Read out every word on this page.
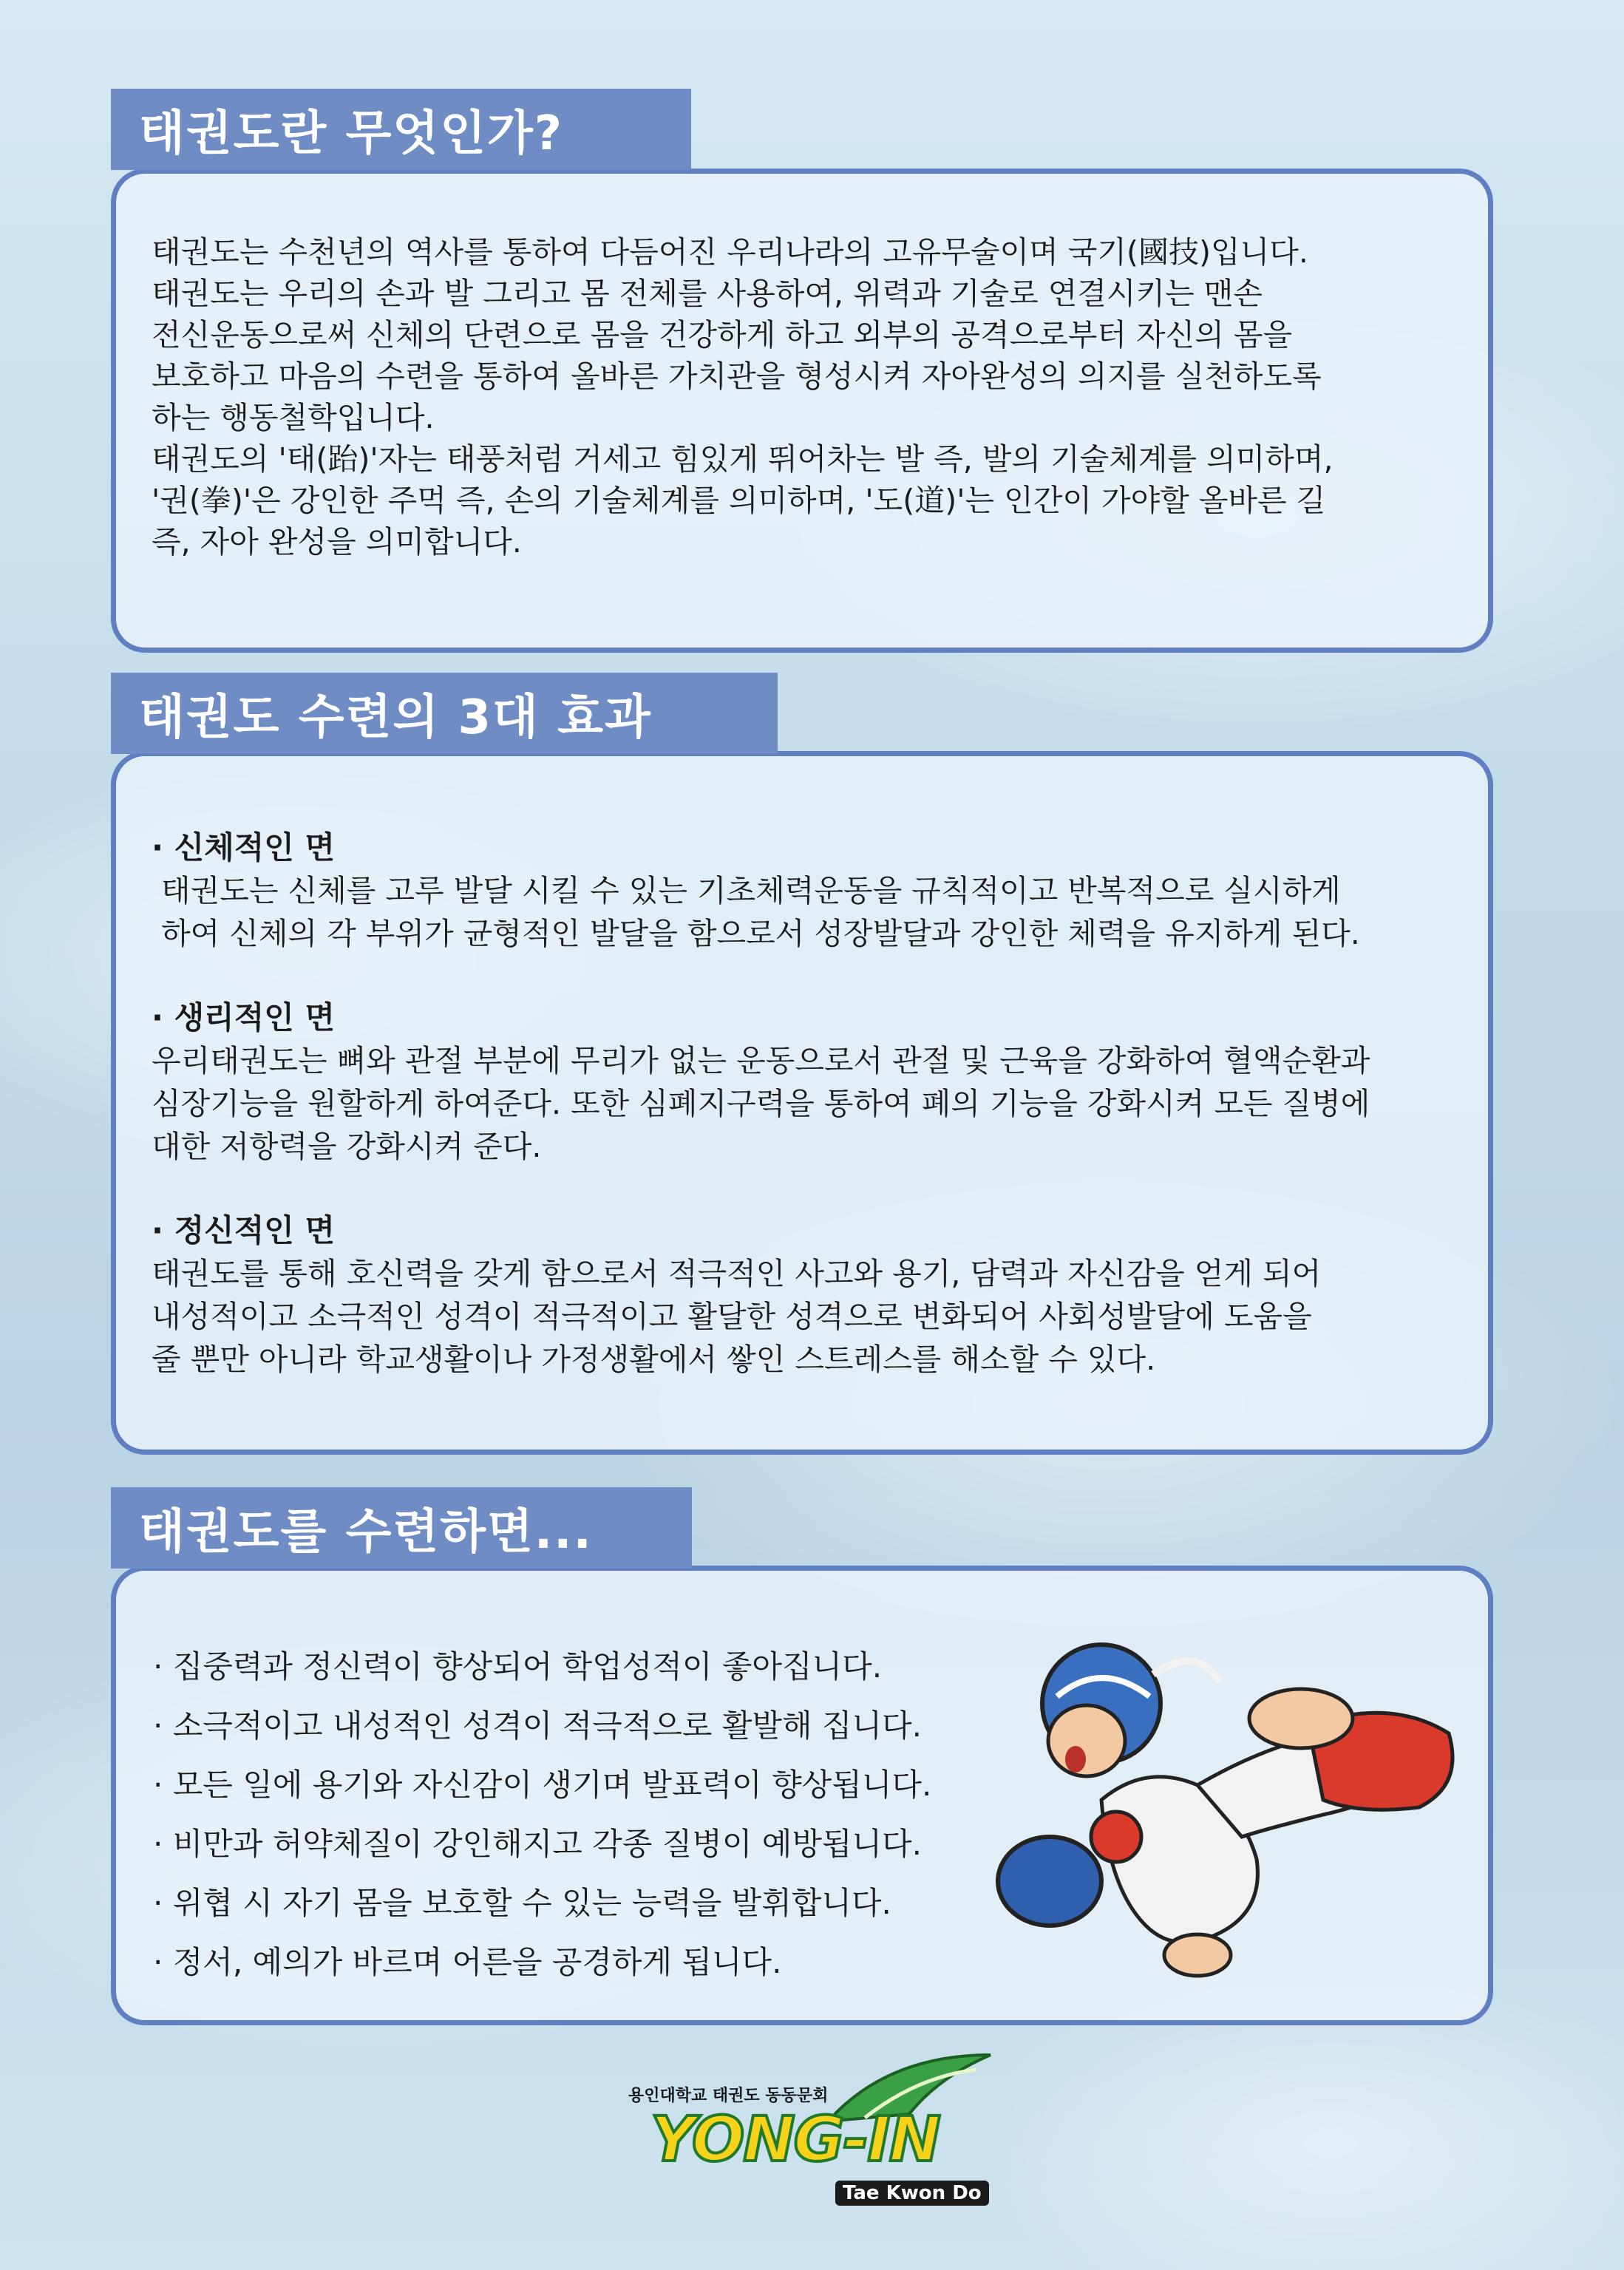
태권도란 무엇인가?

태권도는 수천년의 역사를 통하여 다듬어진 우리나라의 고유무술이며 국기(國技)입니다.

태권도는 우리의 손과 발 그리고 몸 전체를 사용하여, 위력과 기술로 연결시키는 맨손

전신운동으로써 신체의 단련으로 몸을 건강하게 하고 외부의 공격으로부터 자신의 몸을

보호하고 마음의 수련을 통하여 올바른 가치관을 형성시켜 자아완성의 의지를 실천하도록

하는 행동철학입니다.

태권도의 '태(跆)'자는 태풍처럼 거세고 힘있게 뛰어차는 발 즉, 발의 기술체계를 의미하며,

'권(拳)'은 강인한 주먹 즉, 손의 기술체계를 의미하며, '도(道)'는 인간이 가야할 올바른 길

즉, 자아 완성을 의미합니다.

태권도 수련의 3대 효과

· 신체적인 면

태권도는 신체를 고루 발달 시킬 수 있는 기초체력운동을 규칙적이고 반복적으로 실시하게

하여 신체의 각 부위가 균형적인 발달을 함으로서 성장발달과 강인한 체력을 유지하게 된다.

· 생리적인 면

우리태권도는 뼈와 관절 부분에 무리가 없는 운동으로서 관절 및 근육을 강화하여 혈액순환과

심장기능을 원할하게 하여준다. 또한 심폐지구력을 통하여 폐의 기능을 강화시켜 모든 질병에

대한 저항력을 강화시켜 준다.

· 정신적인 면

태권도를 통해 호신력을 갖게 함으로서 적극적인 사고와 용기, 담력과 자신감을 얻게 되어

내성적이고 소극적인 성격이 적극적이고 활달한 성격으로 변화되어 사회성발달에 도움을

줄 뿐만 아니라 학교생활이나 가정생활에서 쌓인 스트레스를 해소할 수 있다.

태권도를 수련하면...

· 집중력과 정신력이 향상되어 학업성적이 좋아집니다.

· 소극적이고 내성적인 성격이 적극적으로 활발해 집니다.

· 모든 일에 용기와 자신감이 생기며 발표력이 향상됩니다.

· 비만과 허약체질이 강인해지고 각종 질병이 예방됩니다.

· 위협 시 자기 몸을 보호할 수 있는 능력을 발휘합니다.

· 정서, 예의가 바르며 어른을 공경하게 됩니다.

용인대학교 태권도 동동문회
YONG-IN
Tae Kwon Do
